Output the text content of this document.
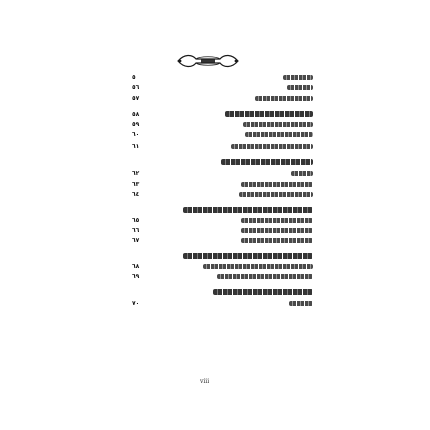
٥
٥٦
٥٧
٥٨
٥٩
٦٠
٦١
٦٢
٦٣
٦٤
٦٥
٦٦
٦٧
٦٨
٦٩
٧٠
viii
